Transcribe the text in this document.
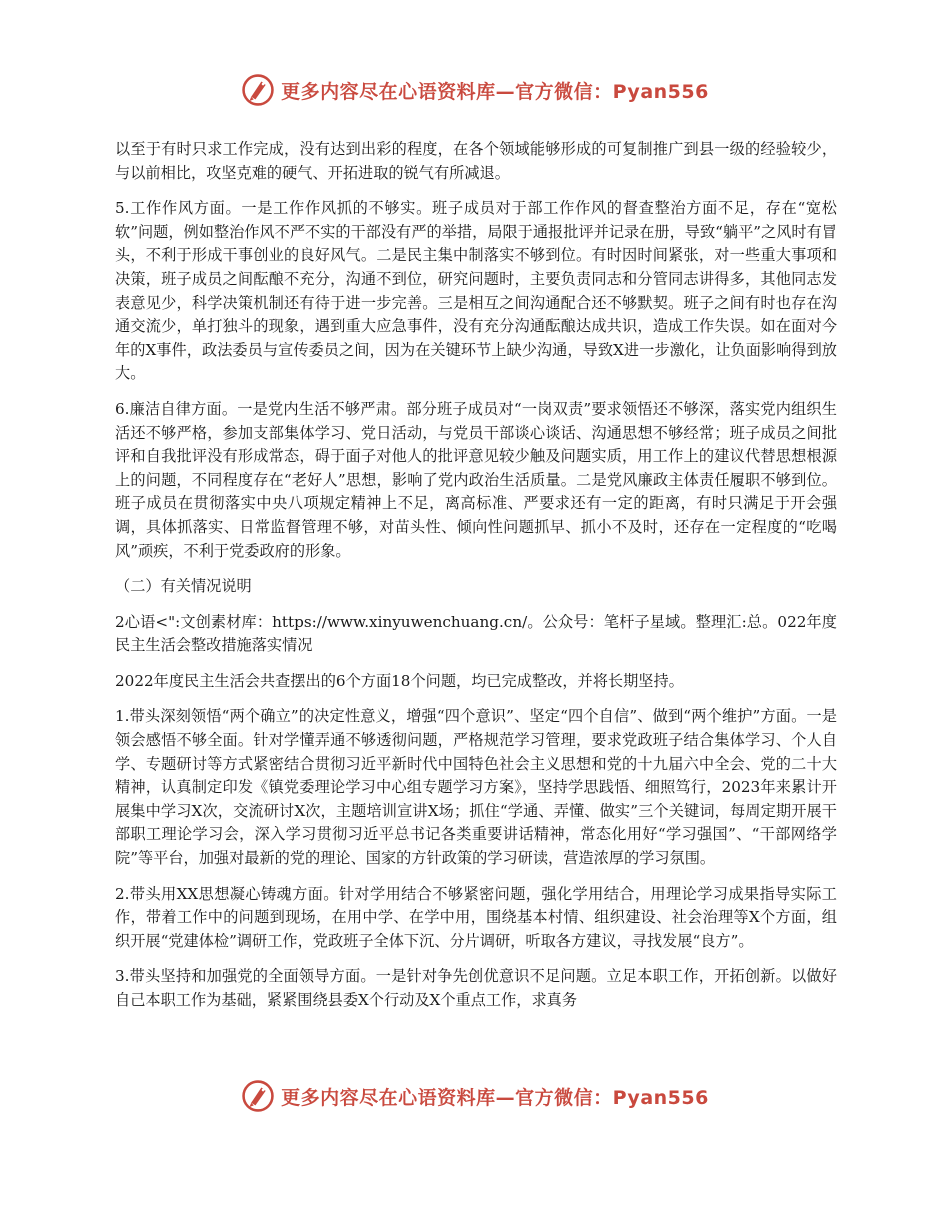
更多内容尽在心语资料库—官方微信：Pyan556

以至于有时只求工作完成，没有达到出彩的程度，在各个领域能够形成的可复制推广到县一级的经验较少，与以前相比，攻坚克难的硬气、开拓进取的锐气有所减退。

5.工作作风方面。一是工作作风抓的不够实。班子成员对于部工作作风的督查整治方面不足，存在“宽松软”问题，例如整治作风不严不实的干部没有严的举措，局限于通报批评并记录在册，导致“躺平”之风时有冒头，不利于形成干事创业的良好风气。二是民主集中制落实不够到位。有时因时间紧张，对一些重大事项和决策，班子成员之间酝酿不充分，沟通不到位，研究问题时，主要负责同志和分管同志讲得多，其他同志发表意见少，科学决策机制还有待于进一步完善。三是相互之间沟通配合还不够默契。班子之间有时也存在沟通交流少，单打独斗的现象，遇到重大应急事件，没有充分沟通酝酿达成共识，造成工作失误。如在面对今年的X事件，政法委员与宣传委员之间，因为在关键环节上缺少沟通，导致X进一步激化，让负面影响得到放大。

6.廉洁自律方面。一是党内生活不够严肃。部分班子成员对“一岗双责”要求领悟还不够深，落实党内组织生活还不够严格，参加支部集体学习、党日活动，与党员干部谈心谈话、沟通思想不够经常；班子成员之间批评和自我批评没有形成常态，碍于面子对他人的批评意见较少触及问题实质，用工作上的建议代替思想根源上的问题，不同程度存在“老好人”思想，影响了党内政治生活质量。二是党风廉政主体责任履职不够到位。班子成员在贯彻落实中央八项规定精神上不足，离高标准、严要求还有一定的距离，有时只满足于开会强调，具体抓落实、日常监督管理不够，对苗头性、倾向性问题抓早、抓小不及时，还存在一定程度的“吃喝风”顽疾，不利于党委政府的形象。

（二）有关情况说明

2心语<":文创素材库：https://www.xinyuwenchuang.cn/。公众号：笔杆子星域。整理汇:总。022年度民主生活会整改措施落实情况

2022年度民主生活会共查摆出的6个方面18个问题，均已完成整改，并将长期坚持。

1.带头深刻领悟“两个确立”的决定性意义，增强“四个意识”、坚定“四个自信”、做到“两个维护”方面。一是领会感悟不够全面。针对学懂弄通不够透彻问题，严格规范学习管理，要求党政班子结合集体学习、个人自学、专题研讨等方式紧密结合贯彻习近平新时代中国特色社会主义思想和党的十九届六中全会、党的二十大精神，认真制定印发《镇党委理论学习中心组专题学习方案》，坚持学思践悟、细照笃行，2023年来累计开展集中学习X次，交流研讨X次，主题培训宣讲X场；抓住“学通、弄懂、做实”三个关键词，每周定期开展干部职工理论学习会，深入学习贯彻习近平总书记各类重要讲话精神，常态化用好“学习强国”、“干部网络学院”等平台，加强对最新的党的理论、国家的方针政策的学习研读，营造浓厚的学习氛围。

2.带头用XX思想凝心铸魂方面。针对学用结合不够紧密问题，强化学用结合，用理论学习成果指导实际工作，带着工作中的问题到现场，在用中学、在学中用，围绕基本村情、组织建设、社会治理等X个方面，组织开展“党建体检”调研工作，党政班子全体下沉、分片调研，听取各方建议，寻找发展“良方”。

3.带头坚持和加强党的全面领导方面。一是针对争先创优意识不足问题。立足本职工作，开拓创新。以做好自己本职工作为基础，紧紧围绕县委X个行动及X个重点工作，求真务

更多内容尽在心语资料库—官方微信：Pyan556
